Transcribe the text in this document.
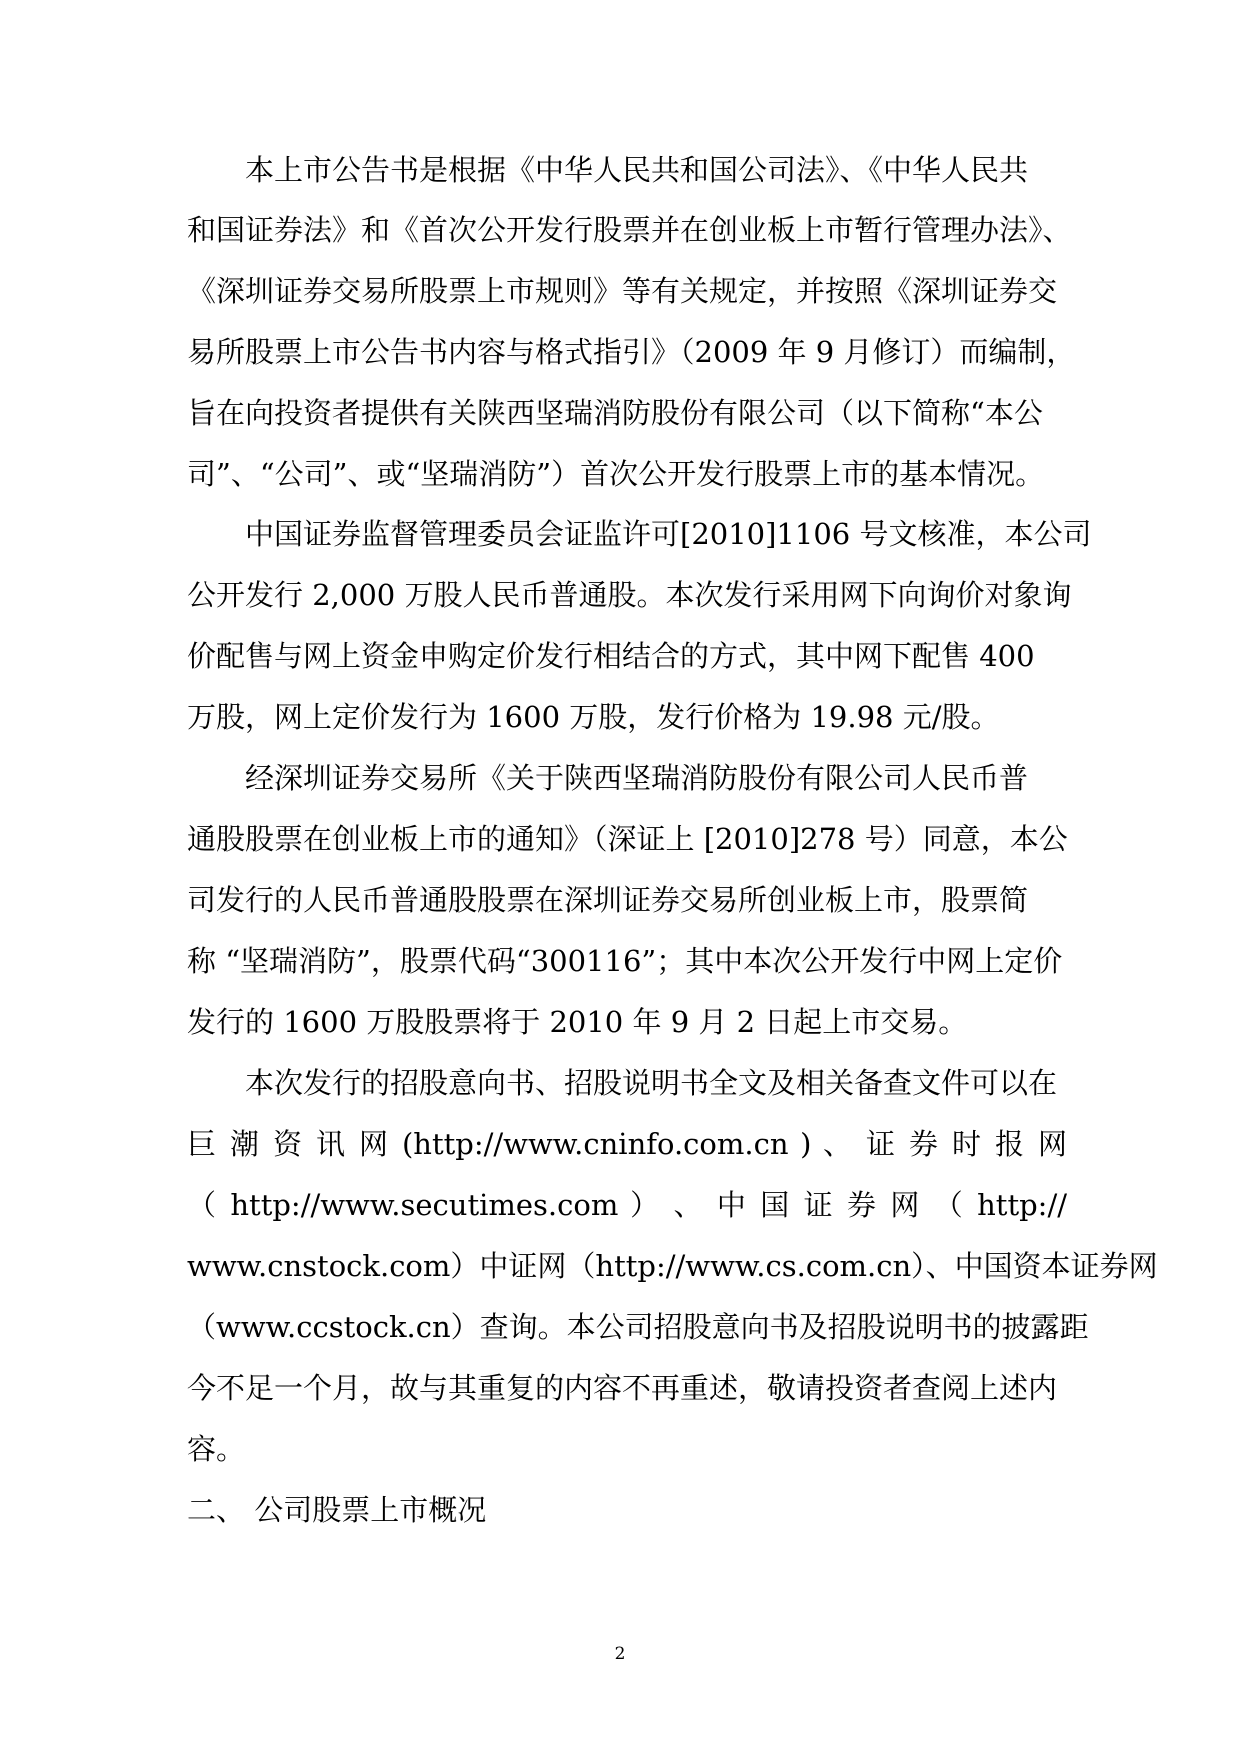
本上市公告书是根据《中华人民共和国公司法》、《中华人民共
和国证券法》和《首次公开发行股票并在创业板上市暂行管理办法》、
《深圳证券交易所股票上市规则》等有关规定，并按照《深圳证券交
易所股票上市公告书内容与格式指引》（2009 年 9 月修订）而编制，
旨在向投资者提供有关陕西坚瑞消防股份有限公司（以下简称“本公
司”、“公司”、或“坚瑞消防”）首次公开发行股票上市的基本情况。
中国证券监督管理委员会证监许可[2010]1106 号文核准，本公司
公开发行 2,000 万股人民币普通股。本次发行采用网下向询价对象询
价配售与网上资金申购定价发行相结合的方式，其中网下配售 400
万股，网上定价发行为 1600 万股，发行价格为 19.98 元/股。
经深圳证券交易所《关于陕西坚瑞消防股份有限公司人民币普
通股股票在创业板上市的通知》（深证上 [2010]278 号）同意，本公
司发行的人民币普通股股票在深圳证券交易所创业板上市，股票简
称 “坚瑞消防”，股票代码“300116”；其中本次公开发行中网上定价
发行的 1600 万股股票将于 2010 年 9 月 2 日起上市交易。
本次发行的招股意向书、招股说明书全文及相关备查文件可以在
巨 潮 资 讯 网 (http://www.cninfo.com.cn ) 、 证 券 时 报 网
（ http://www.secutimes.com ） 、 中 国 证 券 网 （ http://
www.cnstock.com）中证网（http://www.cs.com.cn）、中国资本证券网
（www.ccstock.cn）查询。本公司招股意向书及招股说明书的披露距
今不足一个月，故与其重复的内容不再重述，敬请投资者查阅上述内
容。
二、 公司股票上市概况
2
